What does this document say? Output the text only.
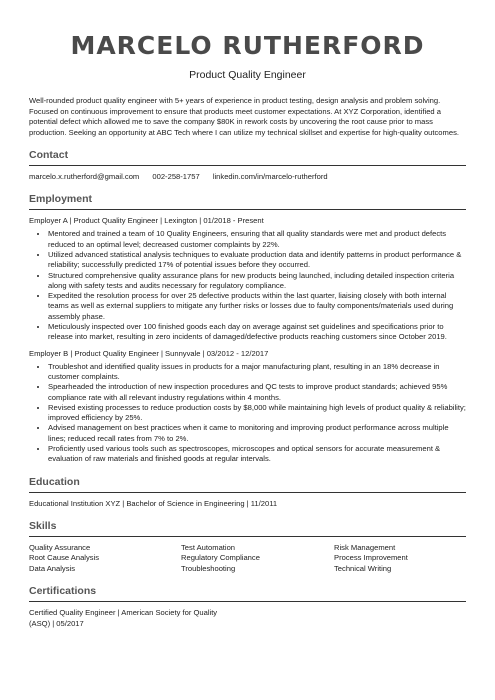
MARCELO RUTHERFORD
Product Quality Engineer
Well-rounded product quality engineer with 5+ years of experience in product testing, design analysis and problem solving. Focused on continuous improvement to ensure that products meet customer expectations. At XYZ Corporation, identified a potential defect which allowed me to save the company $80K in rework costs by uncovering the root cause prior to mass production. Seeking an opportunity at ABC Tech where I can utilize my technical skillset and expertise for high-quality outcomes.
Contact
marcelo.x.rutherford@gmail.com 002-258-1757 linkedin.com/in/marcelo-rutherford
Employment
Employer A | Product Quality Engineer | Lexington | 01/2018 - Present
• Mentored and trained a team of 10 Quality Engineers, ensuring that all quality standards were met and product defects reduced to an optimal level; decreased customer complaints by 22%.
• Utilized advanced statistical analysis techniques to evaluate production data and identify patterns in product performance & reliability; successfully predicted 17% of potential issues before they occurred.
• Structured comprehensive quality assurance plans for new products being launched, including detailed inspection criteria along with safety tests and audits necessary for regulatory compliance.
• Expedited the resolution process for over 25 defective products within the last quarter, liaising closely with both internal teams as well as external suppliers to mitigate any further risks or losses due to faulty components/materials used during assembly phase.
• Meticulously inspected over 100 finished goods each day on average against set guidelines and specifications prior to release into market, resulting in zero incidents of damaged/defective products reaching customers since October 2019.
Employer B | Product Quality Engineer | Sunnyvale | 03/2012 - 12/2017
• Troubleshot and identified quality issues in products for a major manufacturing plant, resulting in an 18% decrease in customer complaints.
• Spearheaded the introduction of new inspection procedures and QC tests to improve product standards; achieved 95% compliance rate with all relevant industry regulations within 4 months.
• Revised existing processes to reduce production costs by $8,000 while maintaining high levels of product quality & reliability; improved efficiency by 25%.
• Advised management on best practices when it came to monitoring and improving product performance across multiple lines; reduced recall rates from 7% to 2%.
• Proficiently used various tools such as spectroscopes, microscopes and optical sensors for accurate measurement & evaluation of raw materials and finished goods at regular intervals.
Education
Educational Institution XYZ | Bachelor of Science in Engineering | 11/2011
Skills
Quality Assurance	Test Automation	Risk Management
Root Cause Analysis	Regulatory Compliance	Process Improvement
Data Analysis	Troubleshooting	Technical Writing
Certifications
Certified Quality Engineer | American Society for Quality (ASQ) | 05/2017
